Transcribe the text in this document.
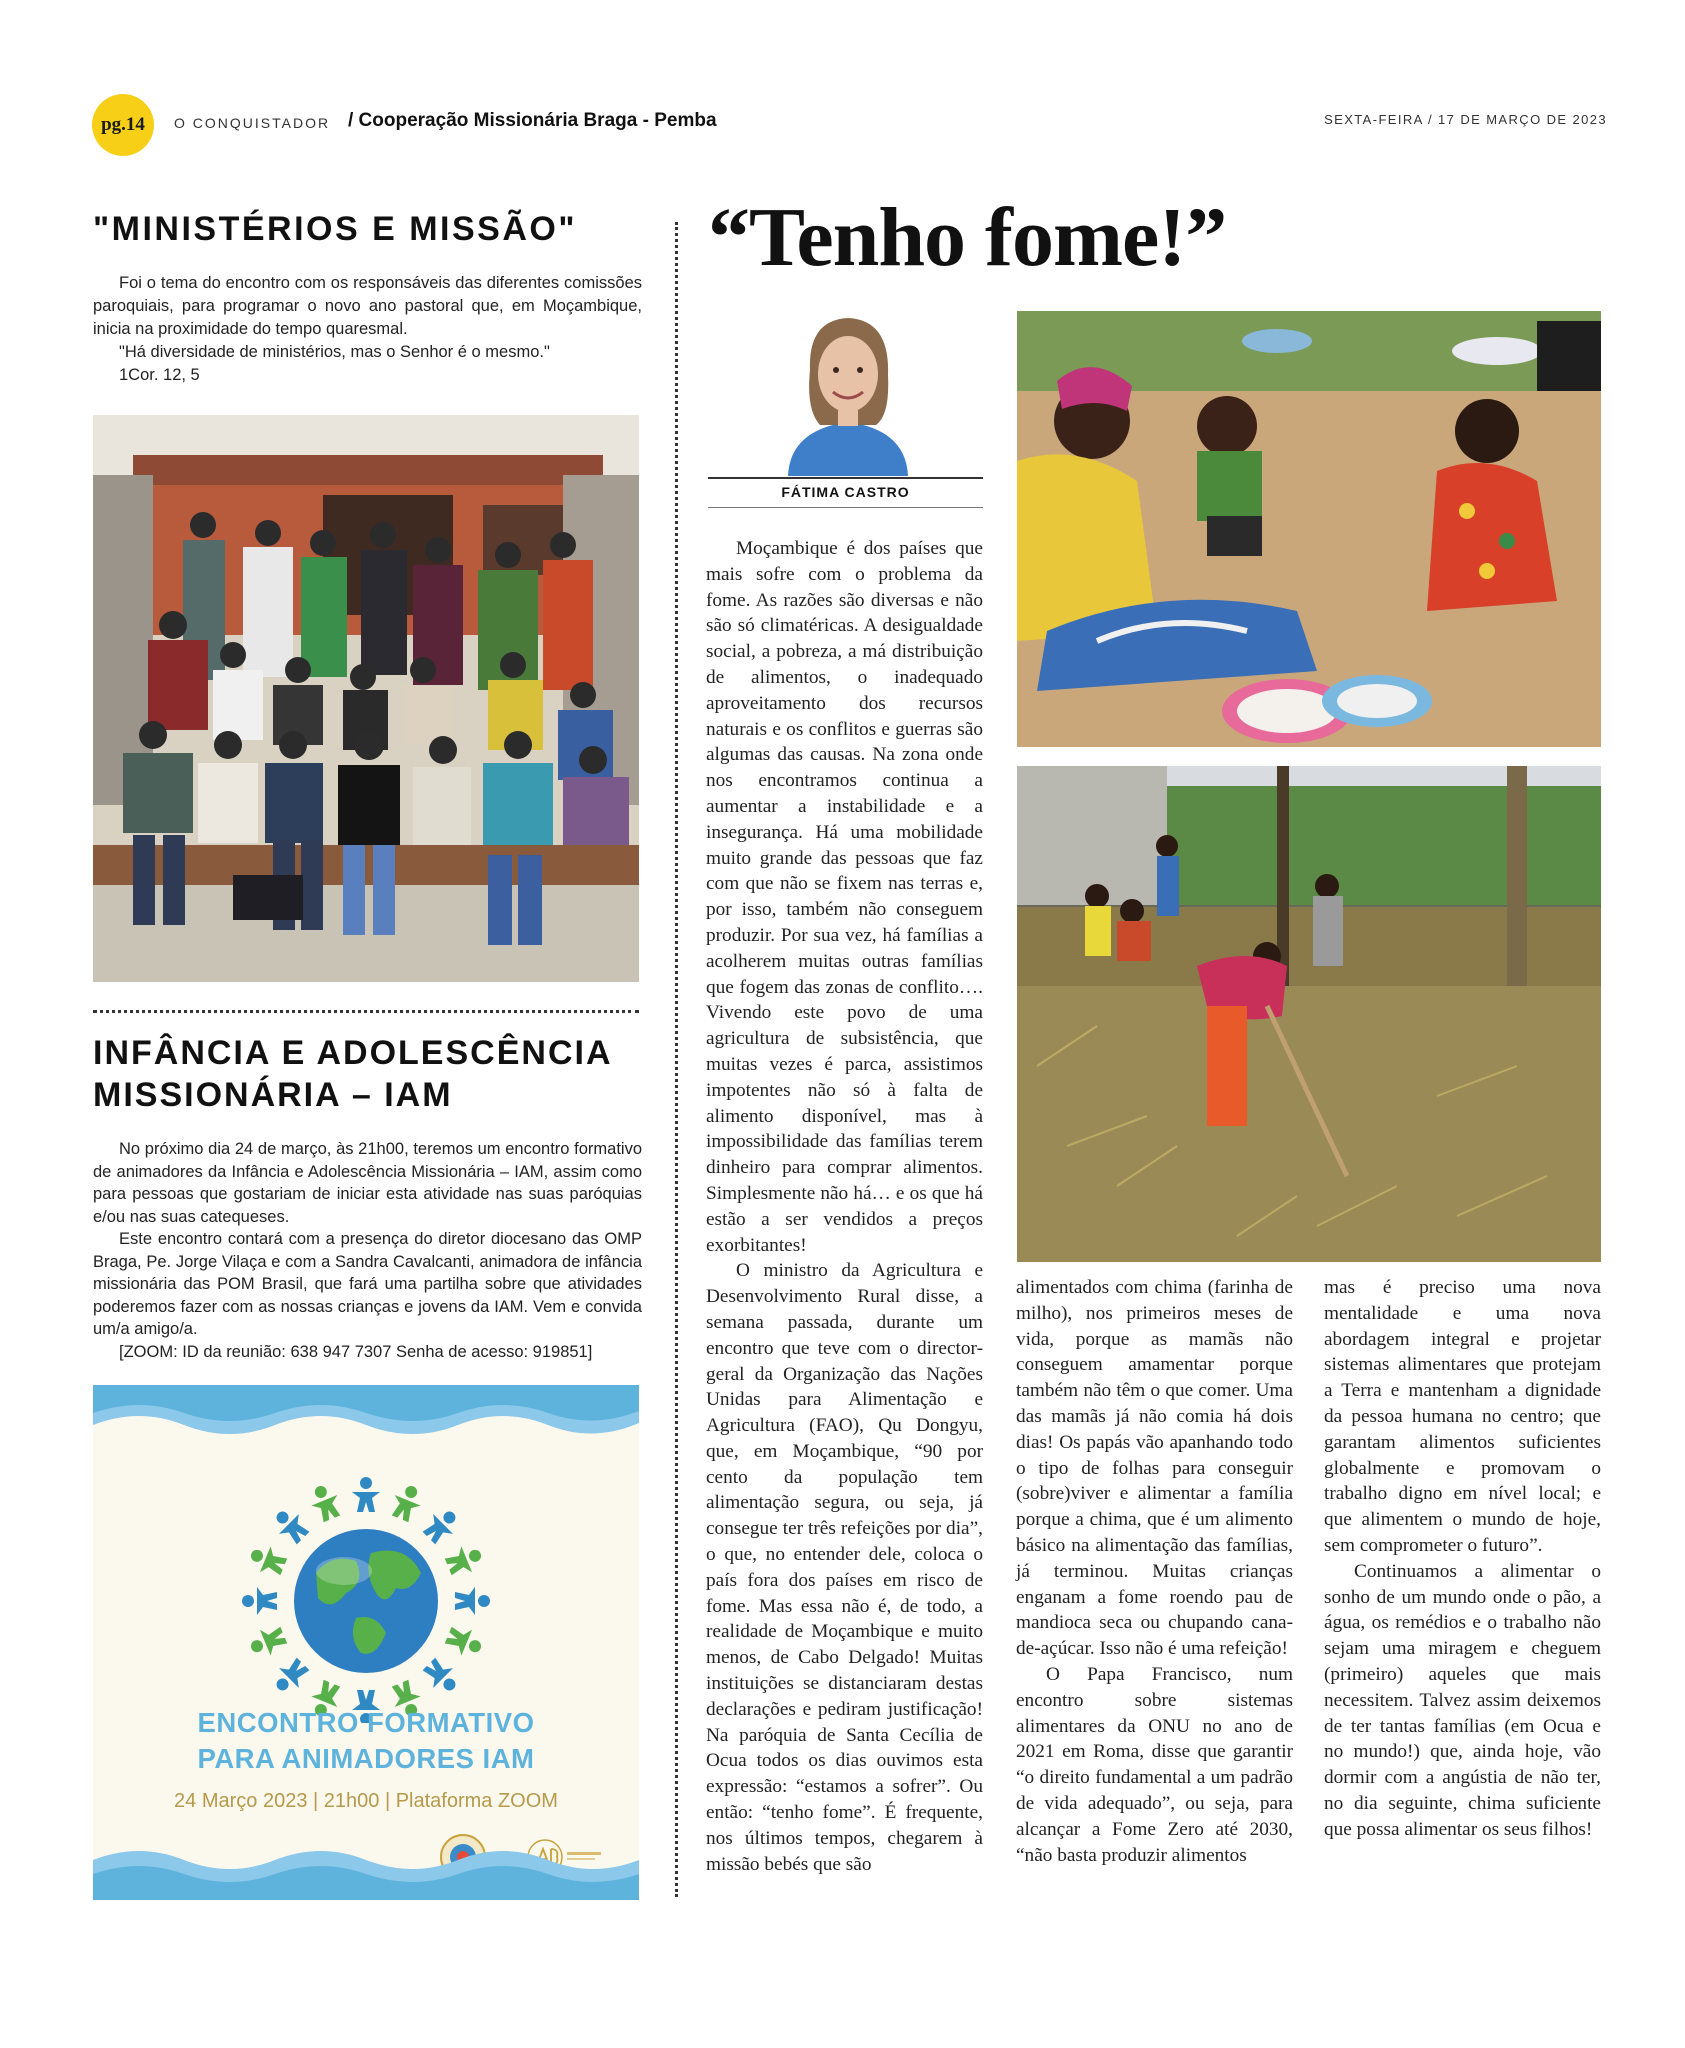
pg.14	O CONQUISTADOR / Cooperação Missionária Braga - Pemba	SEXTA-FEIRA / 17 DE MARÇO DE 2023
"MINISTÉRIOS E MISSÃO"

Foi o tema do encontro com os responsáveis das diferentes comissões paroquiais, para programar o novo ano pastoral que, em Moçambique, inicia na proximidade do tempo quaresmal.

"Há diversidade de ministérios, mas o Senhor é o mesmo."

1Cor. 12, 5

INFÂNCIA E ADOLESCÊNCIA
MISSIONÁRIA – IAM

No próximo dia 24 de março, às 21h00, teremos um encontro formativo de animadores da Infância e Adolescência Missionária – IAM, assim como para pessoas que gostariam de iniciar esta atividade nas suas paróquias e/ou nas suas catequeses.

Este encontro contará com a presença do diretor diocesano das OMP Braga, Pe. Jorge Vilaça e com a Sandra Cavalcanti, animadora de infância missionária das POM Brasil, que fará uma partilha sobre que atividades poderemos fazer com as nossas crianças e jovens da IAM. Vem e convida um/a amigo/a.

[ZOOM: ID da reunião: 638 947 7307 Senha de acesso: 919851]

ENCONTRO FORMATIVO
PARA ANIMADORES IAM
24 Março 2023 | 21h00 | Plataforma ZOOM
“Tenho fome!”
FÁTIMA CASTRO

Moçambique é dos países que mais sofre com o problema da fome. As razões são diversas e não são só climatéricas. A desigualdade social, a pobreza, a má distribuição de alimentos, o inadequado aproveitamento dos recursos naturais e os conflitos e guerras são algumas das causas. Na zona onde nos encontramos continua a aumentar a instabilidade e a insegurança. Há uma mobilidade muito grande das pessoas que faz com que não se fixem nas terras e, por isso, também não conseguem produzir. Por sua vez, há famílias a acolherem muitas outras famílias que fogem das zonas de conflito…. Vivendo este povo de uma agricultura de subsistência, que muitas vezes é parca, assistimos impotentes não só à falta de alimento disponível, mas à impossibilidade das famílias terem dinheiro para comprar alimentos. Simplesmente não há… e os que há estão a ser vendidos a preços exorbitantes!

O ministro da Agricultura e Desenvolvimento Rural disse, a semana passada, durante um encontro que teve com o director-geral da Organização das Nações Unidas para Alimentação e Agricultura (FAO), Qu Dongyu, que, em Moçambique, “90 por cento da população tem alimentação segura, ou seja, já consegue ter três refeições por dia”, o que, no entender dele, coloca o país fora dos países em risco de fome. Mas essa não é, de todo, a realidade de Moçambique e muito menos, de Cabo Delgado! Muitas instituições se distanciaram destas declarações e pediram justificação! Na paróquia de Santa Cecília de Ocua todos os dias ouvimos esta expressão: “estamos a sofrer”. Ou então: “tenho fome”. É frequente, nos últimos tempos, chegarem à missão bebés que são

alimentados com chima (farinha de milho), nos primeiros meses de vida, porque as mamãs não conseguem amamentar porque também não têm o que comer. Uma das mamãs já não comia há dois dias! Os papás vão apanhando todo o tipo de folhas para conseguir (sobre)viver e alimentar a família porque a chima, que é um alimento básico na alimentação das famílias, já terminou. Muitas crianças enganam a fome roendo pau de mandioca seca ou chupando cana-de-açúcar. Isso não é uma refeição!

O Papa Francisco, num encontro sobre sistemas alimentares da ONU no ano de 2021 em Roma, disse que garantir “o direito fundamental a um padrão de vida adequado”, ou seja, para alcançar a Fome Zero até 2030, “não basta produzir alimentos

mas é preciso uma nova mentalidade e uma nova abordagem integral e projetar sistemas alimentares que protejam a Terra e mantenham a dignidade da pessoa humana no centro; que garantam alimentos suficientes globalmente e promovam o trabalho digno em nível local; e que alimentem o mundo de hoje, sem comprometer o futuro”.

Continuamos a alimentar o sonho de um mundo onde o pão, a água, os remédios e o trabalho não sejam uma miragem e cheguem (primeiro) aqueles que mais necessitem. Talvez assim deixemos de ter tantas famílias (em Ocua e no mundo!) que, ainda hoje, vão dormir com a angústia de não ter, no dia seguinte, chima suficiente que possa alimentar os seus filhos!
